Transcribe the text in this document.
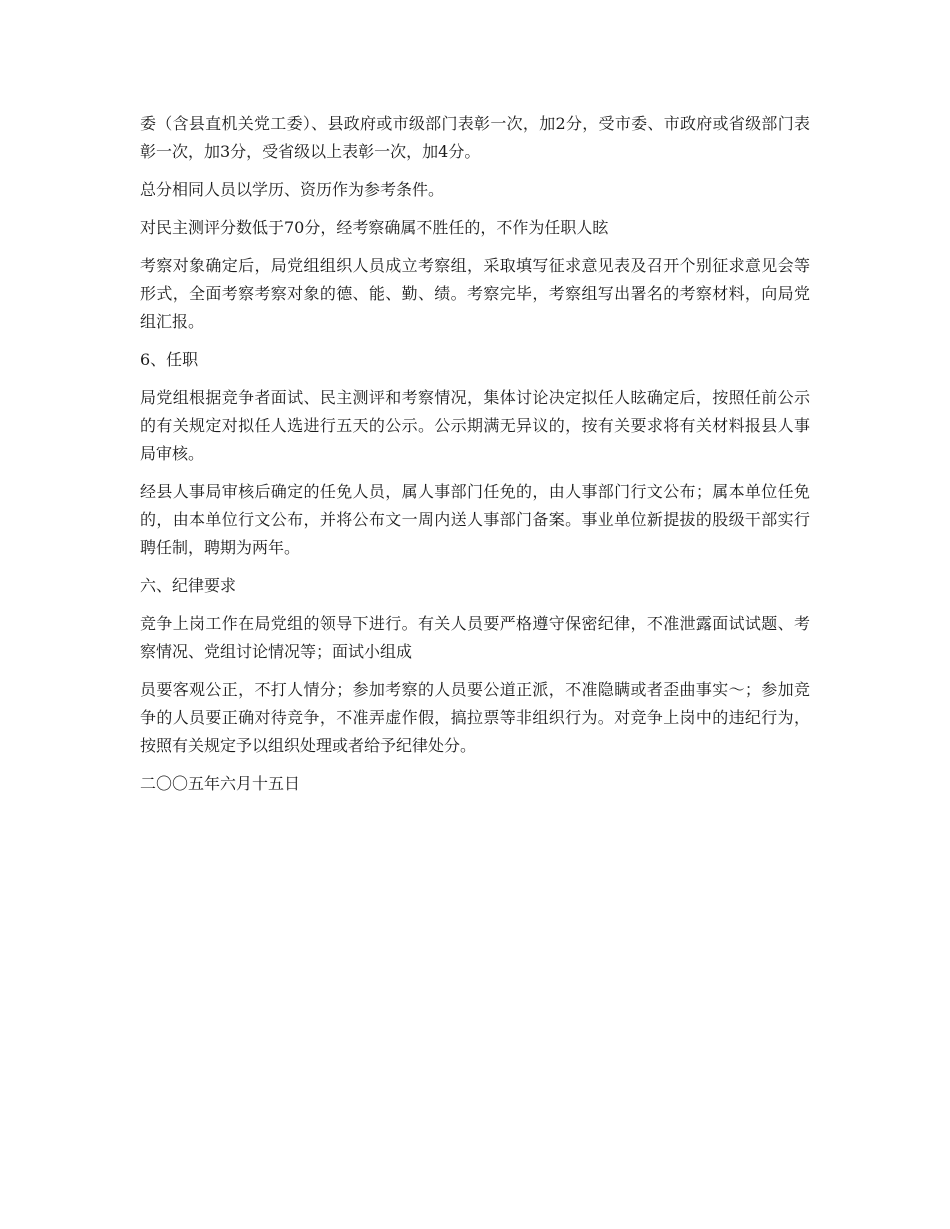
委（含县直机关党工委）、县政府或市级部门表彰一次，加2分，受市委、市政府或省级部门表彰一次，加3分，受省级以上表彰一次，加4分。

总分相同人员以学历、资历作为参考条件。

对民主测评分数低于70分，经考察确属不胜任的，不作为任职人眩

考察对象确定后，局党组组织人员成立考察组，采取填写征求意见表及召开个别征求意见会等形式，全面考察考察对象的德、能、勤、绩。考察完毕，考察组写出署名的考察材料，向局党组汇报。

6、任职

局党组根据竞争者面试、民主测评和考察情况，集体讨论决定拟任人眩确定后，按照任前公示的有关规定对拟任人选进行五天的公示。公示期满无异议的，按有关要求将有关材料报县人事局审核。

经县人事局审核后确定的任免人员，属人事部门任免的，由人事部门行文公布；属本单位任免的，由本单位行文公布，并将公布文一周内送人事部门备案。事业单位新提拔的股级干部实行聘任制，聘期为两年。

六、纪律要求

竞争上岗工作在局党组的领导下进行。有关人员要严格遵守保密纪律，不准泄露面试试题、考察情况、党组讨论情况等；面试小组成

员要客观公正，不打人情分；参加考察的人员要公道正派，不准隐瞒或者歪曲事实～；参加竞争的人员要正确对待竞争，不准弄虚作假，搞拉票等非组织行为。对竞争上岗中的违纪行为，按照有关规定予以组织处理或者给予纪律处分。

二〇〇五年六月十五日
